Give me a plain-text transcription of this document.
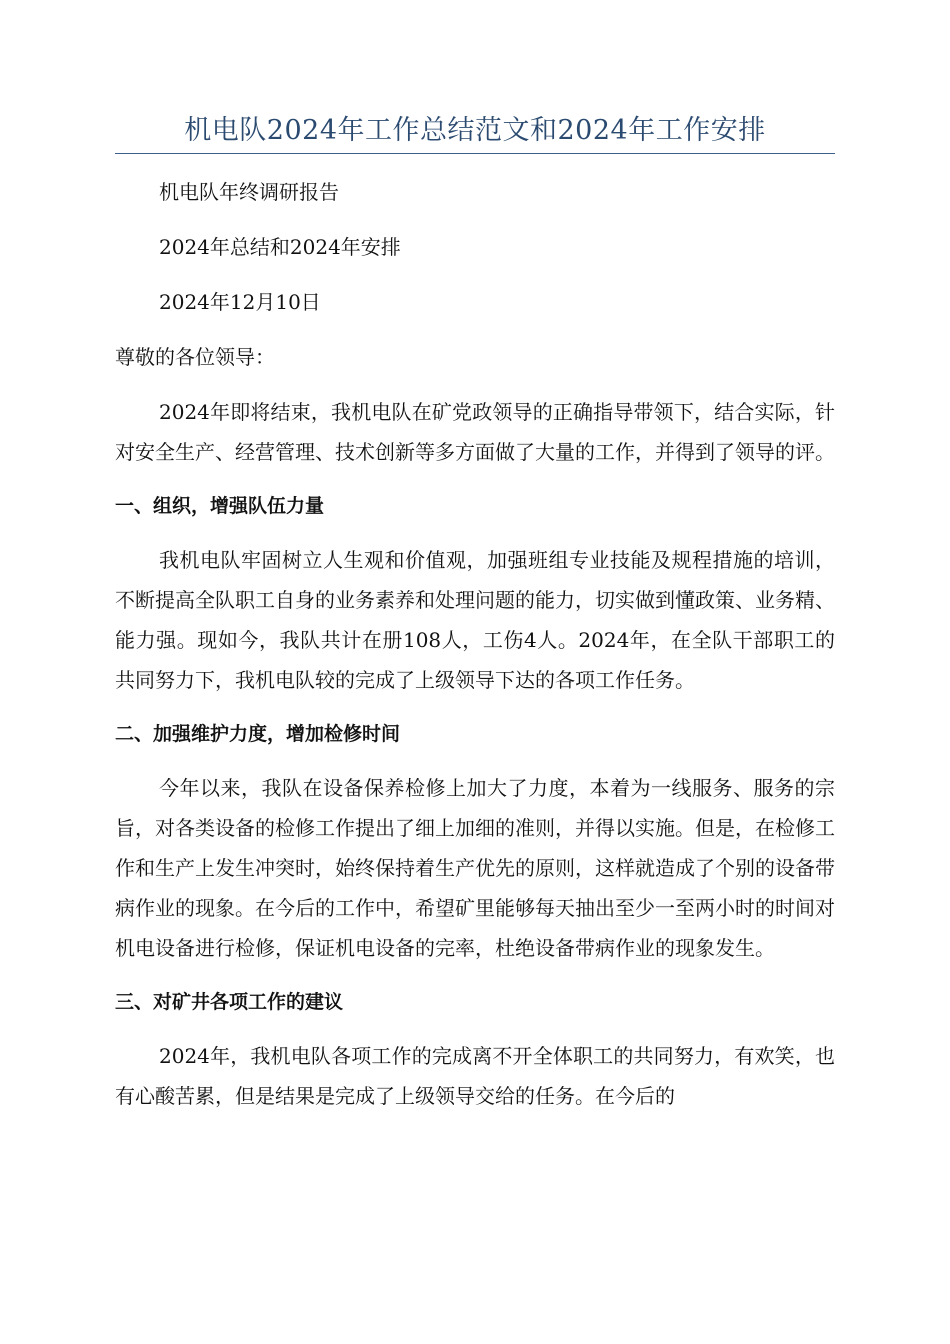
机电队2024年工作总结范文和2024年工作安排

机电队年终调研报告

2024年总结和2024年安排

2024年12月10日

尊敬的各位领导：

2024年即将结束，我机电队在矿党政领导的正确指导带领下，结合实际，针对安全生产、经营管理、技术创新等多方面做了大量的工作，并得到了领导的评。

一、组织，增强队伍力量

我机电队牢固树立人生观和价值观，加强班组专业技能及规程措施的培训，不断提高全队职工自身的业务素养和处理问题的能力，切实做到懂政策、业务精、能力强。现如今，我队共计在册108人，工伤4人。2024年，在全队干部职工的共同努力下，我机电队较的完成了上级领导下达的各项工作任务。

二、加强维护力度，增加检修时间

今年以来，我队在设备保养检修上加大了力度，本着为一线服务、服务的宗旨，对各类设备的检修工作提出了细上加细的准则，并得以实施。但是，在检修工作和生产上发生冲突时，始终保持着生产优先的原则，这样就造成了个别的设备带病作业的现象。在今后的工作中，希望矿里能够每天抽出至少一至两小时的时间对机电设备进行检修，保证机电设备的完率，杜绝设备带病作业的现象发生。

三、对矿井各项工作的建议

2024年，我机电队各项工作的完成离不开全体职工的共同努力，有欢笑，也有心酸苦累，但是结果是完成了上级领导交给的任务。在今后的
